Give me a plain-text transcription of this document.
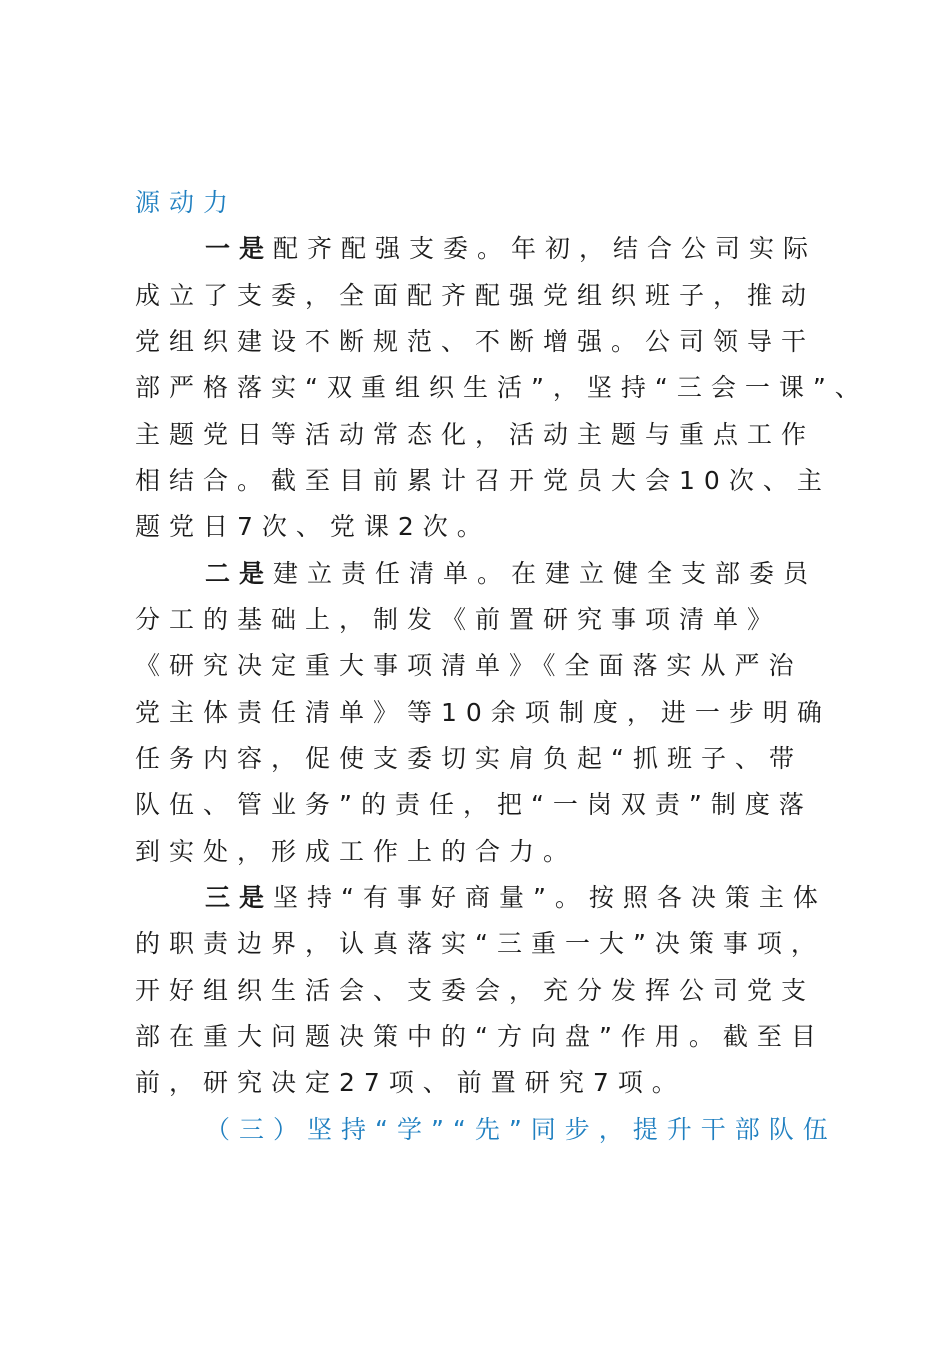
源动力
一是配齐配强支委。年初，结合公司实际
成立了支委，全面配齐配强党组织班子，推动
党组织建设不断规范、不断增强。公司领导干
部严格落实“双重组织生活”，坚持“三会一课”、
主题党日等活动常态化，活动主题与重点工作
相结合。截至目前累计召开党员大会10次、主
题党日7次、党课2次。
二是建立责任清单。在建立健全支部委员
分工的基础上，制发《前置研究事项清单》
《研究决定重大事项清单》《全面落实从严治
党主体责任清单》等10余项制度，进一步明确
任务内容，促使支委切实肩负起“抓班子、带
队伍、管业务”的责任，把“一岗双责”制度落
到实处，形成工作上的合力。
三是坚持“有事好商量”。按照各决策主体
的职责边界，认真落实“三重一大”决策事项，
开好组织生活会、支委会，充分发挥公司党支
部在重大问题决策中的“方向盘”作用。截至目
前，研究决定27项、前置研究7项。
（三）坚持“学”“先”同步，提升干部队伍
